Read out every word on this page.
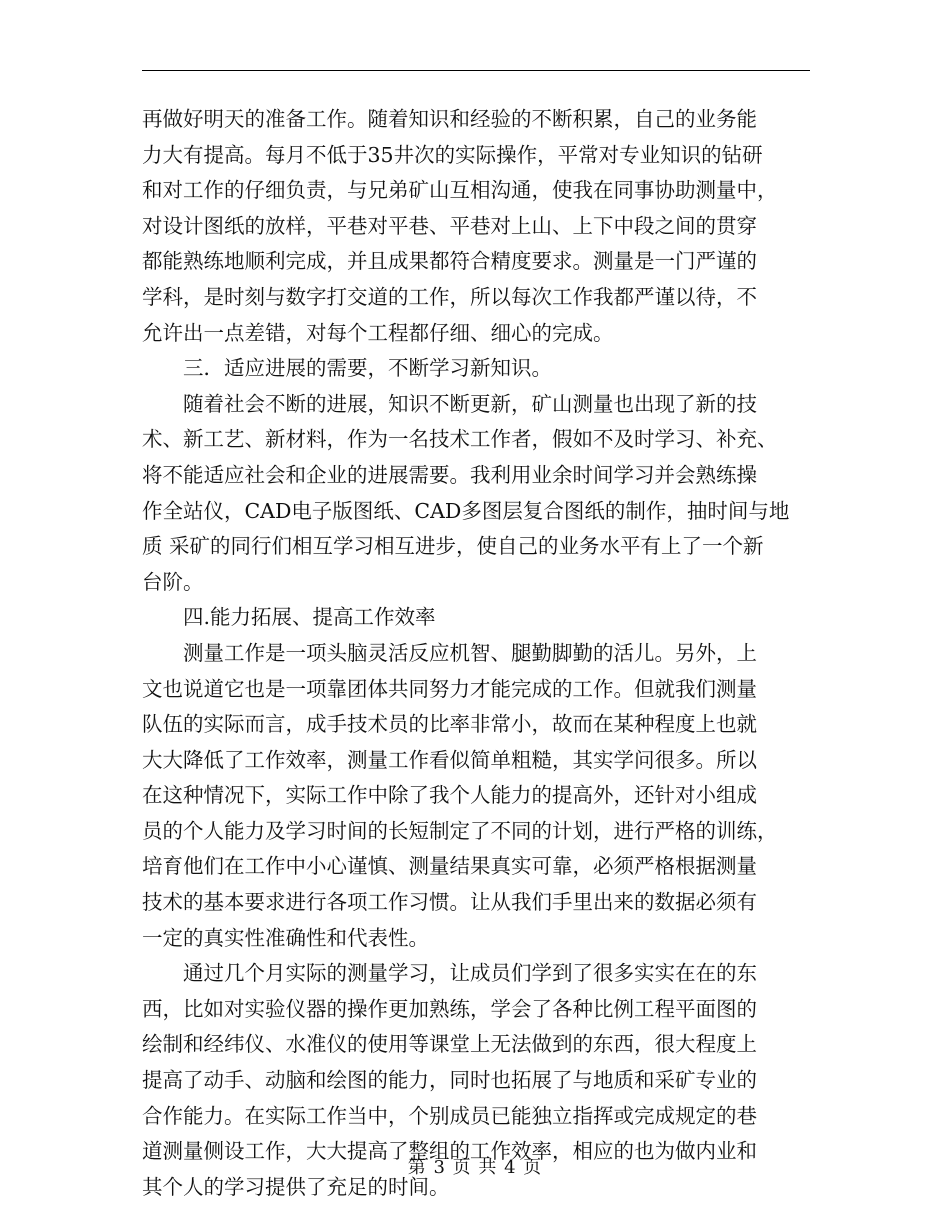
再做好明天的准备工作。随着知识和经验的不断积累，自己的业务能
力大有提高。每月不低于35井次的实际操作，平常对专业知识的钻研
和对工作的仔细负责，与兄弟矿山互相沟通，使我在同事协助测量中，
对设计图纸的放样，平巷对平巷、平巷对上山、上下中段之间的贯穿
都能熟练地顺利完成，并且成果都符合精度要求。测量是一门严谨的
学科，是时刻与数字打交道的工作，所以每次工作我都严谨以待，不
允许出一点差错，对每个工程都仔细、细心的完成。
三．适应进展的需要，不断学习新知识。
随着社会不断的进展，知识不断更新，矿山测量也出现了新的技
术、新工艺、新材料，作为一名技术工作者，假如不及时学习、补充、
将不能适应社会和企业的进展需要。我利用业余时间学习并会熟练操
作全站仪，CAD电子版图纸、CAD多图层复合图纸的制作，抽时间与地
质 采矿的同行们相互学习相互进步，使自己的业务水平有上了一个新
台阶。
四.能力拓展、提高工作效率
测量工作是一项头脑灵活反应机智、腿勤脚勤的活儿。另外，上
文也说道它也是一项靠团体共同努力才能完成的工作。但就我们测量
队伍的实际而言，成手技术员的比率非常小，故而在某种程度上也就
大大降低了工作效率，测量工作看似简单粗糙，其实学问很多。所以
在这种情况下，实际工作中除了我个人能力的提高外，还针对小组成
员的个人能力及学习时间的长短制定了不同的计划，进行严格的训练，
培育他们在工作中小心谨慎、测量结果真实可靠，必须严格根据测量
技术的基本要求进行各项工作习惯。让从我们手里出来的数据必须有
一定的真实性准确性和代表性。
通过几个月实际的测量学习，让成员们学到了很多实实在在的东
西，比如对实验仪器的操作更加熟练，学会了各种比例工程平面图的
绘制和经纬仪、水准仪的使用等课堂上无法做到的东西，很大程度上
提高了动手、动脑和绘图的能力，同时也拓展了与地质和采矿专业的
合作能力。在实际工作当中，个别成员已能独立指挥或完成规定的巷
道测量侧设工作，大大提高了整组的工作效率，相应的也为做内业和
其个人的学习提供了充足的时间。
第 3 页 共 4 页
